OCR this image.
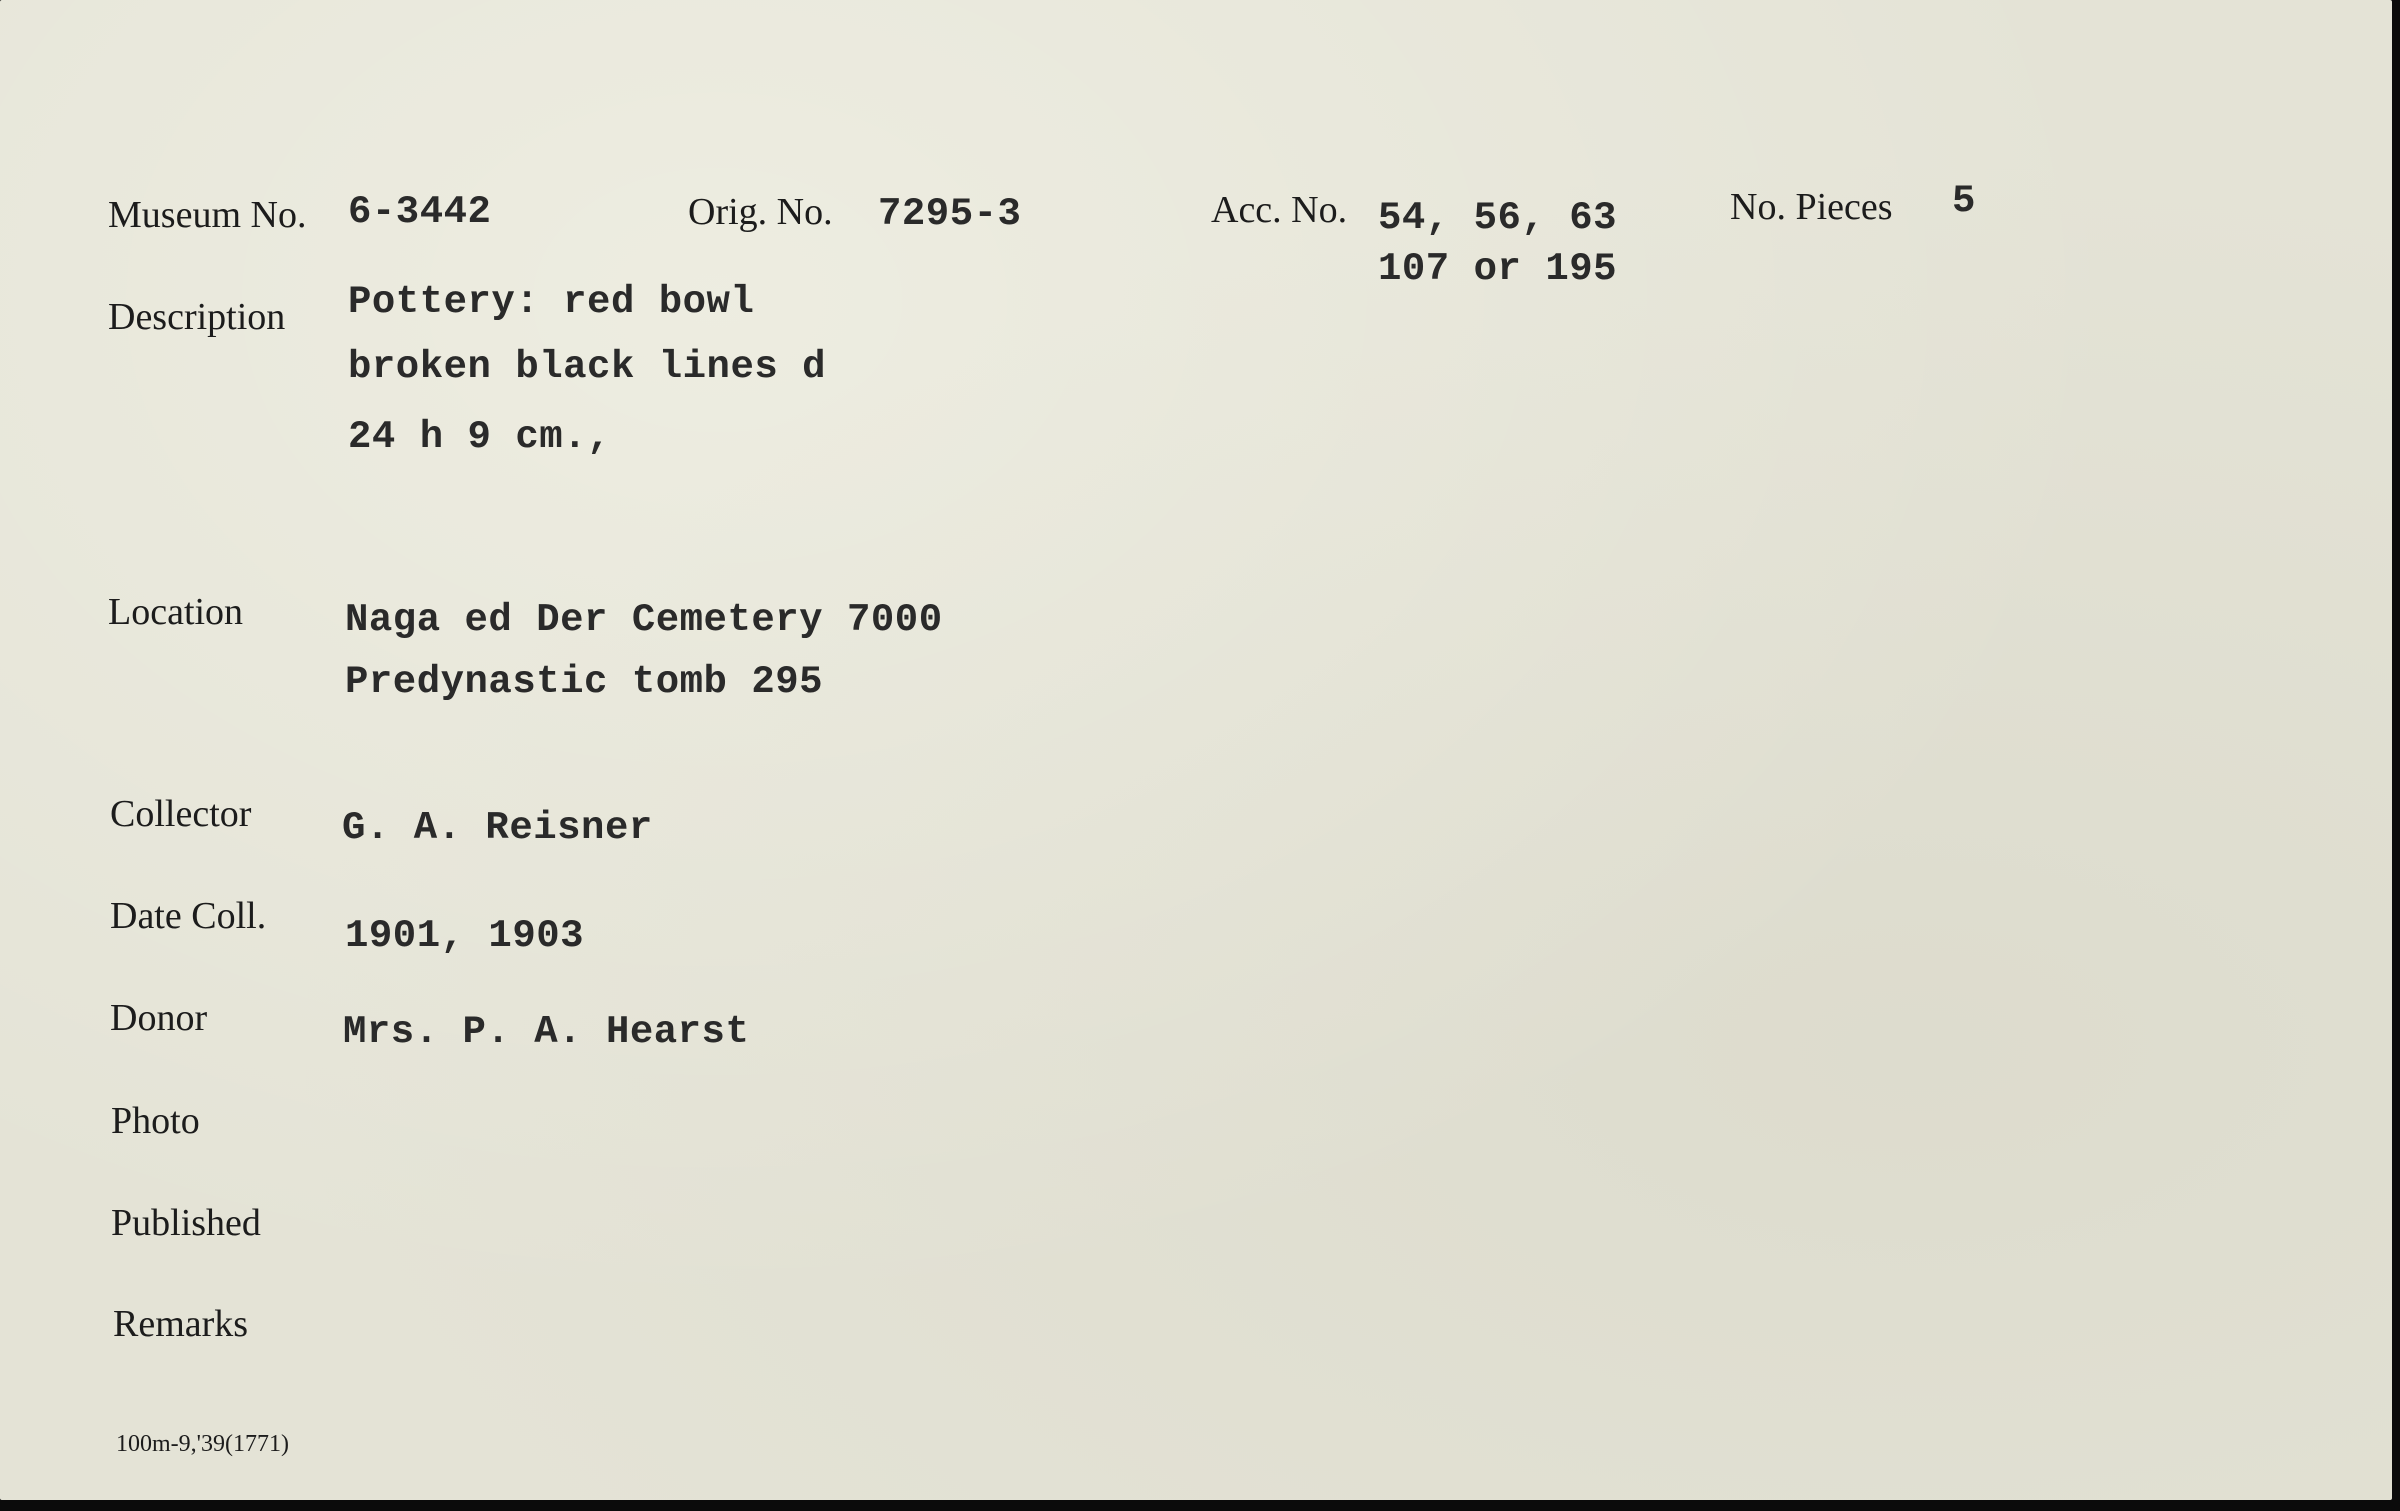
Museum No. 6-3442	Orig. No. 7295-3	Acc. No. 54, 56, 63
107 or 195
No. Pieces 5
Description Pottery: red bowl
broken black lines d
24 h 9 cm.,
Location	Naga ed Der Cemetery 7000
Predynastic tomb 295
Collector G. A. Reisner
Date Coll. 1901, 1903
Donor	Mrs. P. A. Hearst
Photo
Published
Remarks
100m-9,'39(1771)
